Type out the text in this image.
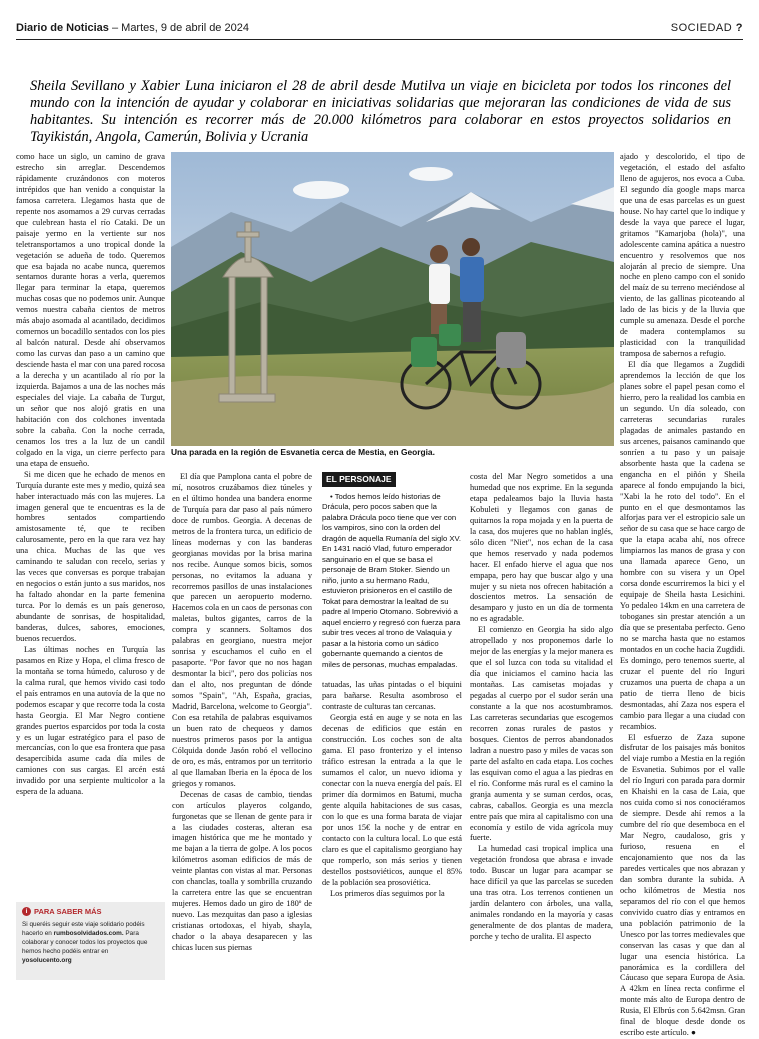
Diario de Noticias – Martes, 9 de abril de 2024	SOCIEDAD ?

Sheila Sevillano y Xabier Luna iniciaron el 28 de abril desde Mutilva un viaje en bicicleta por todos los rincones del mundo con la intención de ayudar y colaborar en iniciativas solidarias que mejoraran las condiciones de vida de sus habitantes. Su intención es recorrer más de 20.000 kilómetros para colaborar en estos proyectos solidarios en Tayikistán, Angola, Camerún, Bolivia y Ucrania

como hace un siglo, un camino de grava estrecho sin arreglar. Descendemos rápidamente cruzándonos con moteros intrépidos que han venido a conquistar la famosa carretera. Llegamos hasta que de repente nos asomamos a 29 curvas cerradas que culebrean hasta el río Cataki. De un paisaje yermo en la vertiente sur nos teletransportamos a uno tropical donde la vegetación se adueña de todo. Queremos que esa bajada no acabe nunca, queremos sentarnos durante horas a verla, queremos llegar para terminar la etapa, queremos muchas cosas que no podemos unir. Aunque vemos nuestra cabaña cientos de metros más abajo asomada al acantilado, decidimos comernos un bocadillo sentados con los pies al balcón natural. Desde ahí observamos como las curvas dan paso a un camino que desciende hasta el mar con una pared rocosa a la derecha y un acantilado al río por la izquierda. Bajamos a una de las noches más especiales del viaje. La cabaña de Turgut, un señor que nos alojó gratis en una habitación con dos colchones inventada sobre la cabaña. Con la noche cerrada, cenamos los tres a la luz de un candil colgado en la viga, un cierre perfecto para una etapa de ensueño.

Si me dicen que he echado de menos en Turquía durante este mes y medio, quizá sea haber interactuado más con las mujeres. La imagen general que te encuentras es la de hombres sentados compartiendo amistosamente té, que te reciben calurosamente, pero en la que rara vez hay una chica. Muchas de las que ves caminando te saludan con recelo, serias y las veces que conversas es porque trabajan en negocios o están junto a sus maridos, nos ha faltado ahondar en la parte femenina turca. Por lo demás es un país generoso, abundante de sonrisas, de hospitalidad, banderas, dulces, sabores, emociones, buenos recuerdos.

Las últimas noches en Turquía las pasamos en Rize y Hopa, el clima fresco de la montaña se torna húmedo, caluroso y de la calma rural, que hemos vivido casi todo el país entramos en una autovía de la que no podemos escapar y que recorre toda la costa hasta Georgia. El Mar Negro contiene grandes puertos esparcidos por toda la costa y es un lugar estratégico para el paso de mercancías, con lo que esa frontera que pasa desapercibida asume cada día miles de camiones con sus cargas. El arcén está invadido por una serpiente multicolor a la espera de la aduana.

i PARA SABER MÁS

Si queréis seguir este viaje solidario podéis hacerlo en rumbosolvidados.com. Para colaborar y conocer todos los proyectos que hemos hecho podéis entrar en yosolucento.org

Una parada en la región de Esvanetia cerca de Mestia, en Georgia.

El día que Pamplona canta el pobre de mí, nosotros cruzábamos diez túneles y en el último hondea una bandera enorme de Turquía para dar paso al país número doce de rumbos. Georgia. A decenas de metros de la frontera turca, un edificio de líneas modernas y con las banderas georgianas movidas por la brisa marina nos recibe. Aunque somos bicis, somos personas, no evitamos la aduana y recorremos pasillos de unas instalaciones que parecen un aeropuerto moderno. Hacemos cola en un caos de personas con maletas, bultos gigantes, carros de la compra y scanners. Soltamos dos palabras en georgiano, nuestra mejor sonrisa y escuchamos el cuño en el pasaporte. "Por favor que no nos hagan desmontar la bici", pero dos policías nos dan el alto, nos preguntan de dónde somos "Spain", "Ah, España, gracias, Madrid, Barcelona, welcome to Georgia". Con esa retahíla de palabras esquivamos un buen rato de chequeos y damos nuestros primeros pasos por la antigua Cólquida donde Jasón robó el vellocino de oro, es más, entramos por un territorio al que llamaban Iberia en la época de los griegos y romanos.

Decenas de casas de cambio, tiendas con artículos playeros colgando, furgonetas que se llenan de gente para ir a las ciudades costeras, alteran esa imagen histórica que me he montado y me bajan a la tierra de golpe. A los pocos kilómetros asoman edificios de más de veinte plantas con vistas al mar. Personas con chanclas, toalla y sombrilla cruzando la carretera entre las que se encuentran mujeres. Hemos dado un giro de 180º de nuevo. Las mezquitas dan paso a iglesias cristianas ortodoxas, el hiyab, shayla, chador o la abaya desaparecen y las chicas lucen sus piernas

EL PERSONAJE

• Todos hemos leído historias de Drácula, pero pocos saben que la palabra Drácula poco tiene que ver con los vampiros, sino con la orden del dragón de aquella Rumanía del siglo XV. En 1431 nació Vlad, futuro emperador sanguinario en el que se basa el personaje de Bram Stoker. Siendo un niño, junto a su hermano Radu, estuvieron prisioneros en el castillo de Tokat para demostrar la lealtad de su padre al Imperio Otomano. Sobrevivió a aquel encierro y regresó con fuerza para subir tres veces al trono de Valaquia y pasar a la historia como un sádico gobernante quemando a cientos de miles de personas, muchas empaladas.

tatuadas, las uñas pintadas o el biquini para bañarse. Resulta asombroso el contraste de culturas tan cercanas.

Georgia está en auge y se nota en las decenas de edificios que están en construcción. Los coches son de alta gama. El paso fronterizo y el intenso tráfico estresan la entrada a la que le sumamos el calor, un nuevo idioma y conectar con la nueva energía del país. El primer día dormimos en Batumi, mucha gente alquila habitaciones de sus casas, con lo que es una forma barata de viajar por unos 15€ la noche y de entrar en contacto con la cultura local. Lo que está claro es que el capitalismo georgiano hay que romperlo, son más serios y tienen destellos postsoviéticos, aunque el 85% de la población sea prosoviética.

Los primeros días seguimos por la

costa del Mar Negro sometidos a una humedad que nos exprime. En la segunda etapa pedaleamos bajo la lluvia hasta Kobuleti y llegamos con ganas de quitarnos la ropa mojada y en la puerta de la casa, dos mujeres que no hablan inglés, sólo dicen "Niet", nos echan de la casa que hemos reservado y nada podemos hacer. El enfado hierve el agua que nos empapa, pero hay que buscar algo y una mujer y su nieta nos ofrecen habitación a doscientos metros. La sensación de desamparo y justo en un día de tormenta no es agradable.

El comienzo en Georgia ha sido algo atropellado y nos proponemos darle lo mejor de las energías y la mejor manera es que el sol luzca con toda su vitalidad el día que iniciamos el camino hacia las montañas. Las camisetas mojadas y pegadas al cuerpo por el sudor serán una constante a la que nos acostumbramos. Las carreteras secundarias que escogemos recorren zonas rurales de pastos y bosques. Cientos de perros abandonados ladran a nuestro paso y miles de vacas son parte del asfalto en cada etapa. Los coches las esquivan como el agua a las piedras en el río. Conforme más rural es el camino la granja aumenta y se suman cerdos, ocas, cabras, caballos. Georgia es una mezcla entre país que mira al capitalismo con una economía y estilo de vida agrícola muy fuerte.

La humedad casi tropical implica una vegetación frondosa que abrasa e invade todo. Buscar un lugar para acampar se hace difícil ya que las parcelas se suceden una tras otra. Los terrenos contienen un jardín delantero con árboles, una valla, animales rondando en la mayoría y casas generalmente de dos plantas de madera, porche y techo de uralita. El aspecto

ajado y descolorido, el tipo de vegetación, el estado del asfalto lleno de agujeros, nos evoca a Cuba. El segundo día google maps marca que una de esas parcelas es un guest house. No hay cartel que lo indique y desde la vaya que parece el lugar, gritamos "Kamarjoba (hola)", una adolescente camina apática a nuestro encuentro y resolvemos que nos alojarán al precio de siempre. Una noche en pleno campo con el sonido del maíz de su terreno meciéndose al viento, de las gallinas picoteando al lado de las bicis y de la lluvia que cumple su amenaza. Desde el porche de madera contemplamos su plasticidad con la tranquilidad tramposa de sabernos a refugio.

El día que llegamos a Zugdidi aprendemos la lección de que los planes sobre el papel pesan como el hierro, pero la realidad los cambia en un segundo. Un día soleado, con carreteras secundarias rurales plagadas de animales pastando en sus arcenes, paisanos caminando que sonríen a tu paso y un paisaje absorbente hasta que la cadena se engancha en el piñón y Sheila aparece al fondo empujando la bici, "Xabi la he roto del todo". En el punto en el que desmontamos las alforjas para ver el estropicio sale un señor de su casa que se hace cargo de que la etapa acaba ahí, nos ofrece limpiarnos las manos de grasa y con una llamada aparece Geno, un hombre con su visera y un Opel corsa donde escurriremos la bici y el equipaje de Sheila hasta Lesichini. Yo pedaleo 14km en una carretera de toboganes sin prestar atención a un día que se presentaba perfecto. Geno no se marcha hasta que no estamos montados en un coche hacia Zugdidi. Es domingo, pero tenemos suerte, al cruzar el puente del río Inguri cruzamos una puerta de chapa a un patio de tierra lleno de bicis desmontadas, ahí Zaza nos espera el cambio para llegar a una ciudad con recambios.

El esfuerzo de Zaza supone disfrutar de los paisajes más bonitos del viaje rumbo a Mestia en la región de Esvanetia. Subimos por el valle del río Inguri con parada para dormir en Khaishi en la casa de Laia, que nos cuida como si nos conociéramos de siempre. Desde ahí remos a la cumbre del río que desemboca en el Mar Negro, caudaloso, gris y furioso, resuena en el encajonamiento que nos da las paredes verticales que nos abrazan y dan sombra durante la subida. A ocho kilómetros de Mestia nos separamos del río con el que hemos convivido cuatro días y entramos en una población patrimonio de la Unesco por las torres medievales que conservan las casas y que dan al lugar una esencia histórica. La panorámica es la cordillera del Cáucaso que separa Europa de Asia. A 42km en línea recta confirme el monte más alto de Europa dentro de Rusia, El Elbrús con 5.642msn. Gran final de bloque desde donde os escribo este artículo. ●
